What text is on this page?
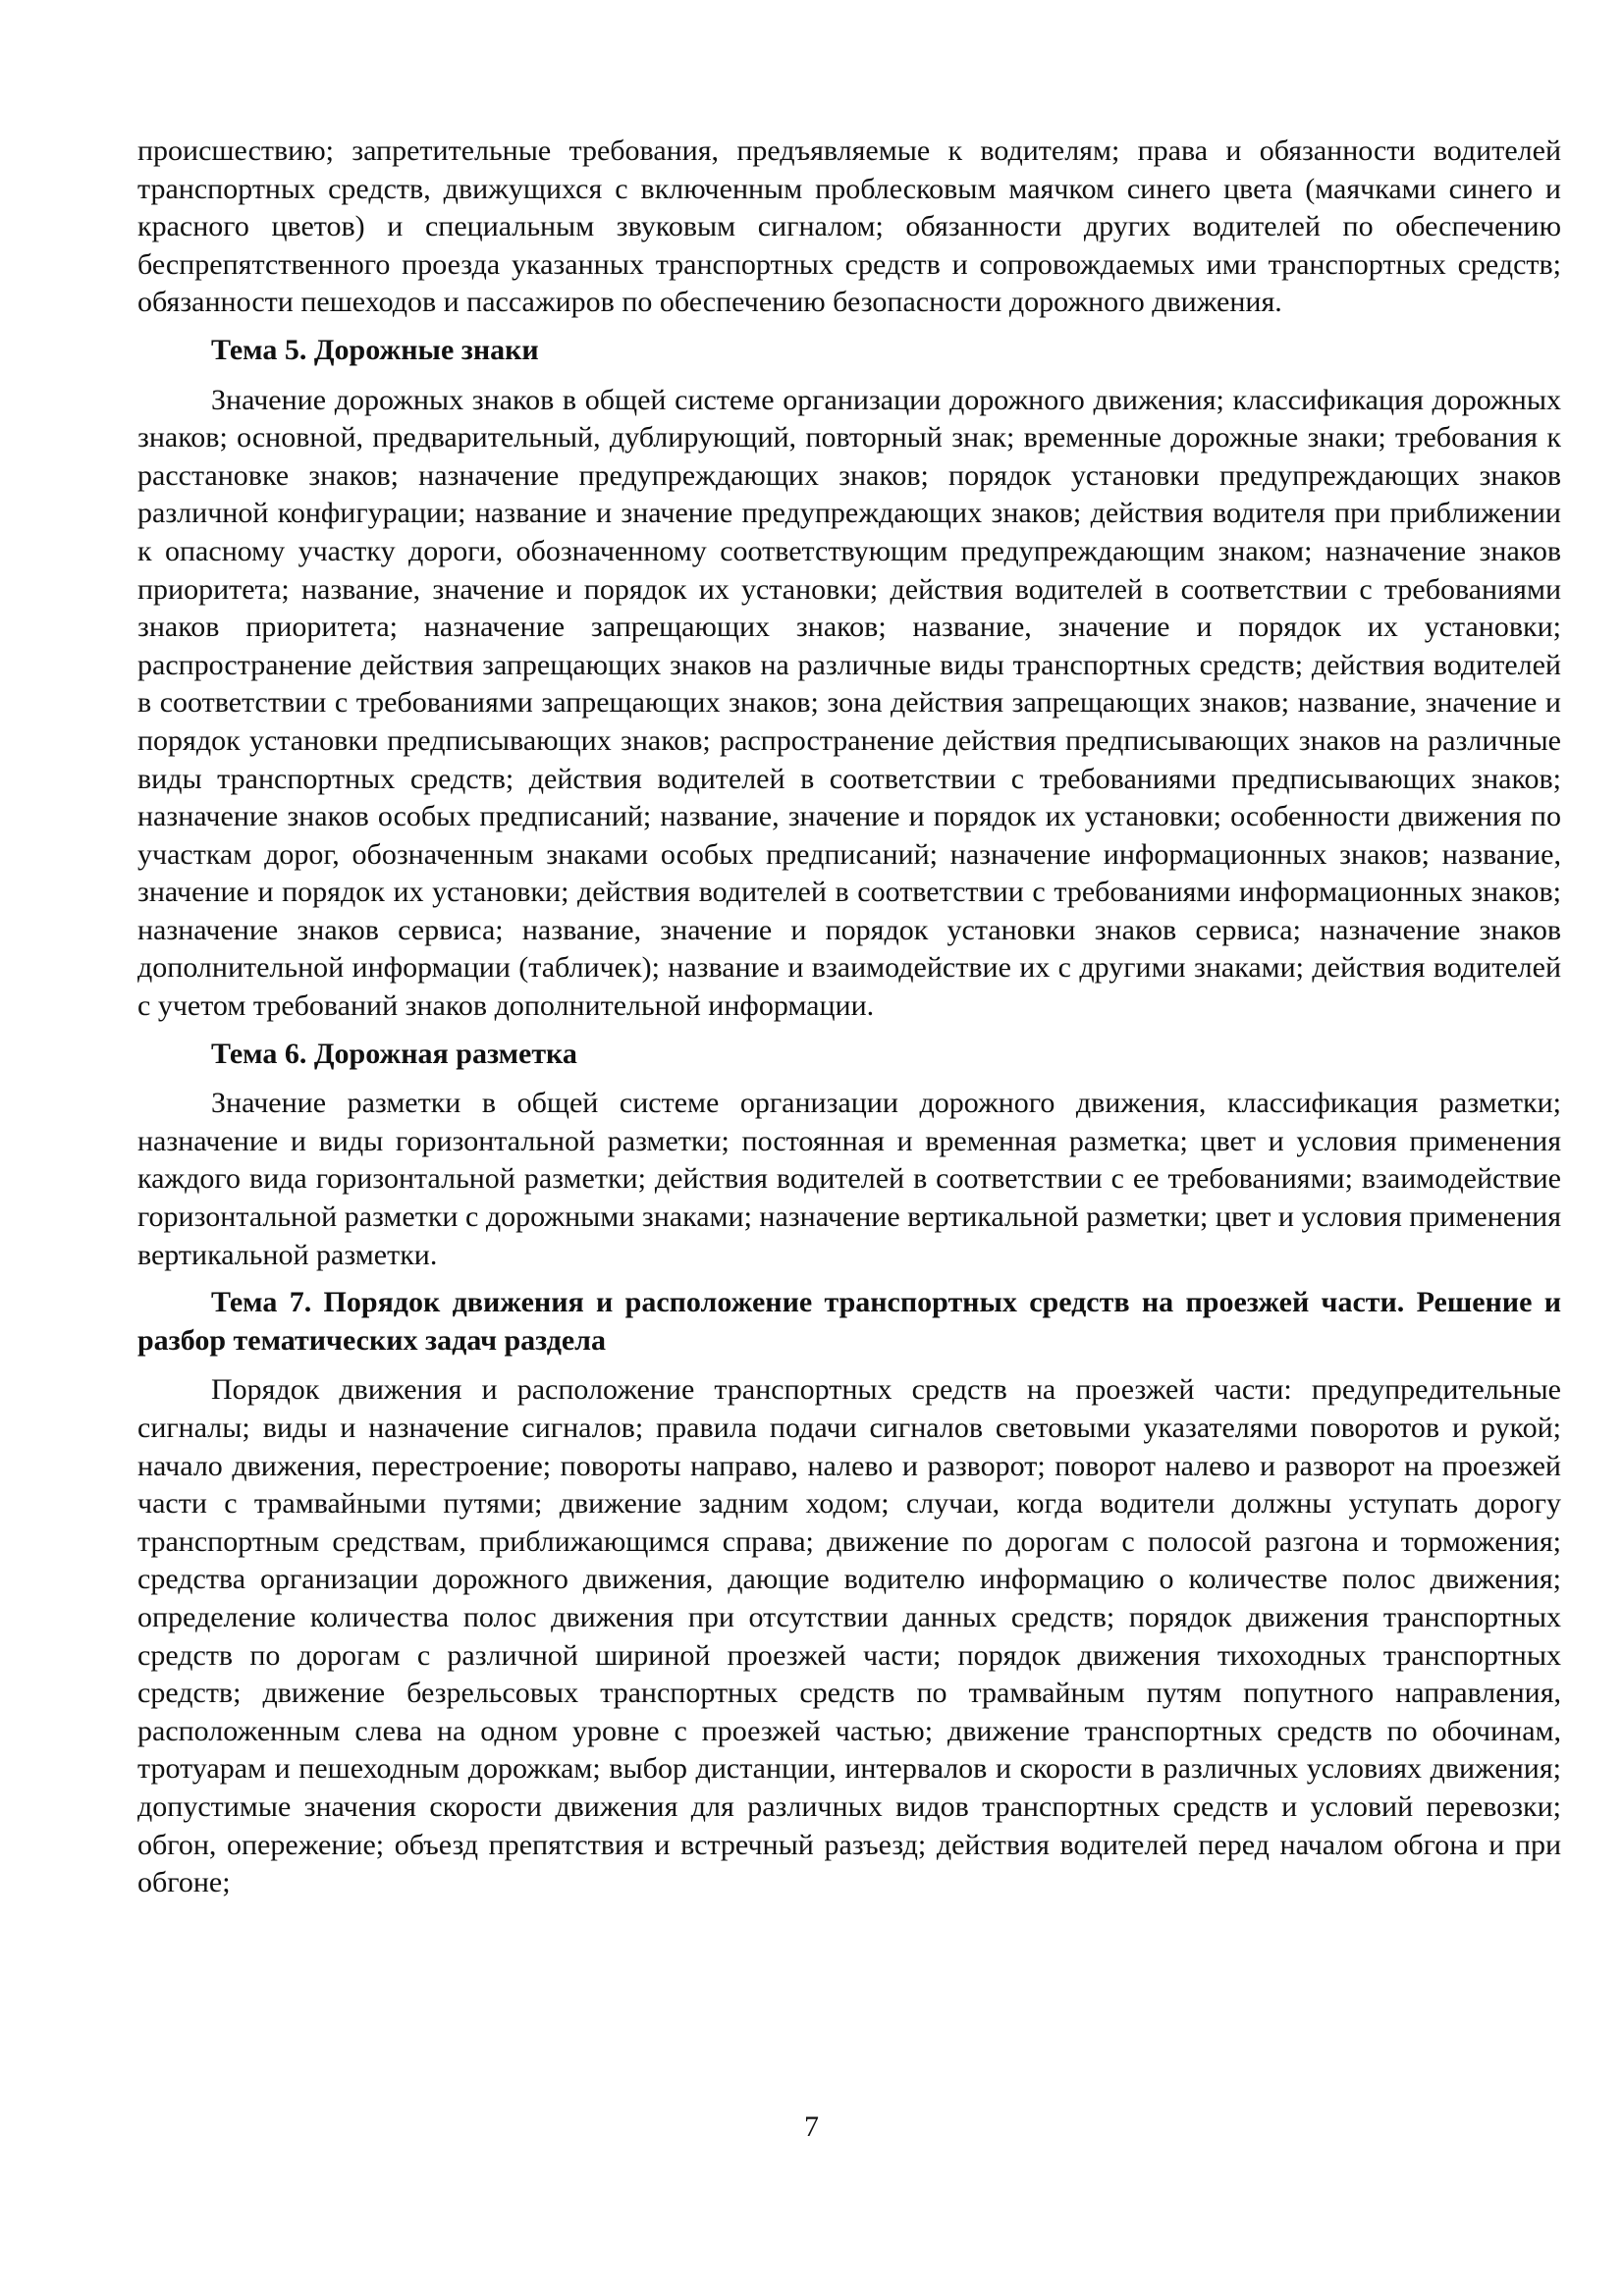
происшествию; запретительные требования, предъявляемые к водителям; права и обязанности водителей транспортных средств, движущихся с включенным проблесковым маячком синего цвета (маячками синего и красного цветов) и специальным звуковым сигналом; обязанности других водителей по обеспечению беспрепятственного проезда указанных транспортных средств и сопровождаемых ими транспортных средств; обязанности пешеходов и пассажиров по обеспечению безопасности дорожного движения.

Тема 5. Дорожные знаки

Значение дорожных знаков в общей системе организации дорожного движения; классификация дорожных знаков; основной, предварительный, дублирующий, повторный знак; временные дорожные знаки; требования к расстановке знаков; назначение предупреждающих знаков; порядок установки предупреждающих знаков различной конфигурации; название и значение предупреждающих знаков; действия водителя при приближении к опасному участку дороги, обозначенному соответствующим предупреждающим знаком; назначение знаков приоритета; название, значение и порядок их установки; действия водителей в соответствии с требованиями знаков приоритета; назначение запрещающих знаков; название, значение и порядок их установки; распространение действия запрещающих знаков на различные виды транспортных средств; действия водителей в соответствии с требованиями запрещающих знаков; зона действия запрещающих знаков; название, значение и порядок установки предписывающих знаков; распространение действия предписывающих знаков на различные виды транспортных средств; действия водителей в соответствии с требованиями предписывающих знаков; назначение знаков особых предписаний; название, значение и порядок их установки; особенности движения по участкам дорог, обозначенным знаками особых предписаний; назначение информационных знаков; название, значение и порядок их установки; действия водителей в соответствии с требованиями информационных знаков; назначение знаков сервиса; название, значение и порядок установки знаков сервиса; назначение знаков дополнительной информации (табличек); название и взаимодействие их с другими знаками; действия водителей с учетом требований знаков дополнительной информации.

Тема 6. Дорожная разметка

Значение разметки в общей системе организации дорожного движения, классификация разметки; назначение и виды горизонтальной разметки; постоянная и временная разметка; цвет и условия применения каждого вида горизонтальной разметки; действия водителей в соответствии с ее требованиями; взаимодействие горизонтальной разметки с дорожными знаками; назначение вертикальной разметки; цвет и условия применения вертикальной разметки.

Тема 7. Порядок движения и расположение транспортных средств на проезжей части. Решение и разбор тематических задач раздела

Порядок движения и расположение транспортных средств на проезжей части: предупредительные сигналы; виды и назначение сигналов; правила подачи сигналов световыми указателями поворотов и рукой; начало движения, перестроение; повороты направо, налево и разворот; поворот налево и разворот на проезжей части с трамвайными путями; движение задним ходом; случаи, когда водители должны уступать дорогу транспортным средствам, приближающимся справа; движение по дорогам с полосой разгона и торможения; средства организации дорожного движения, дающие водителю информацию о количестве полос движения; определение количества полос движения при отсутствии данных средств; порядок движения транспортных средств по дорогам с различной шириной проезжей части; порядок движения тихоходных транспортных средств; движение безрельсовых транспортных средств по трамвайным путям попутного направления, расположенным слева на одном уровне с проезжей частью; движение транспортных средств по обочинам, тротуарам и пешеходным дорожкам; выбор дистанции, интервалов и скорости в различных условиях движения; допустимые значения скорости движения для различных видов транспортных средств и условий перевозки; обгон, опережение; объезд препятствия и встречный разъезд; действия водителей перед началом обгона и при обгоне;

7
